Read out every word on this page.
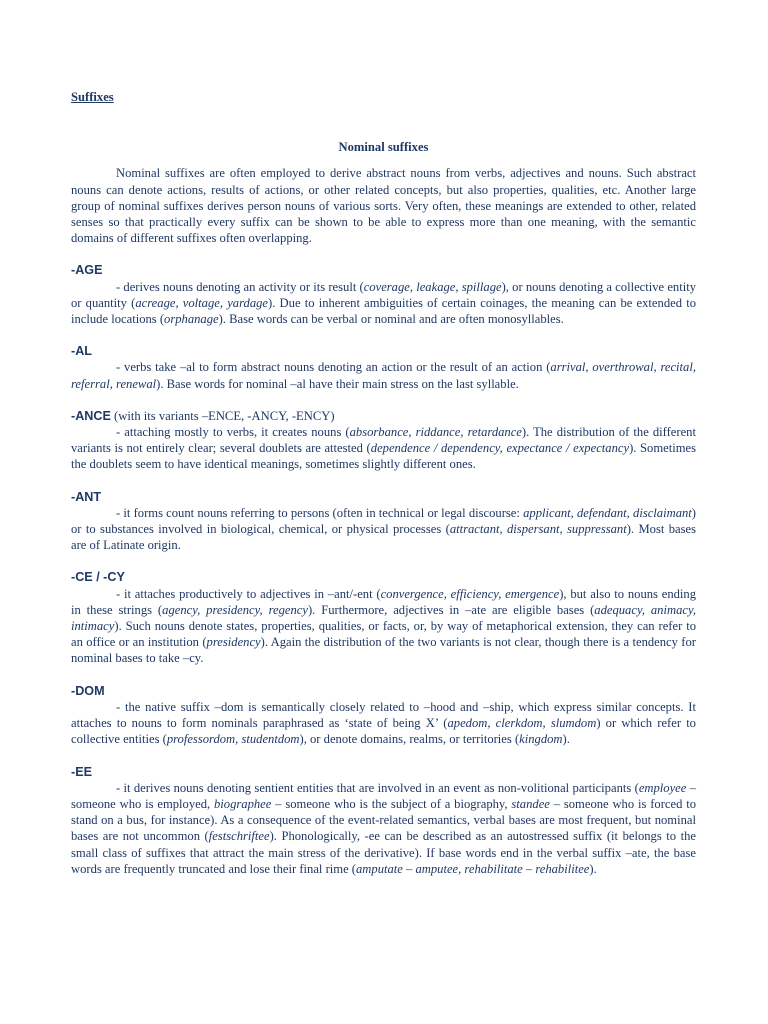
Suffixes
Nominal suffixes

Nominal suffixes are often employed to derive abstract nouns from verbs, adjectives and nouns. Such abstract nouns can denote actions, results of actions, or other related concepts, but also properties, qualities, etc. Another large group of nominal suffixes derives person nouns of various sorts. Very often, these meanings are extended to other, related senses so that practically every suffix can be shown to be able to express more than one meaning, with the semantic domains of different suffixes often overlapping.

-AGE

- derives nouns denoting an activity or its result (coverage, leakage, spillage), or nouns denoting a collective entity or quantity (acreage, voltage, yardage). Due to inherent ambiguities of certain coinages, the meaning can be extended to include locations (orphanage). Base words can be verbal or nominal and are often monosyllables.

-AL

- verbs take –al to form abstract nouns denoting an action or the result of an action (arrival, overthrowal, recital, referral, renewal). Base words for nominal –al have their main stress on the last syllable.

-ANCE (with its variants –ENCE, -ANCY, -ENCY)

- attaching mostly to verbs, it creates nouns (absorbance, riddance, retardance). The distribution of the different variants is not entirely clear; several doublets are attested (dependence / dependency, expectance / expectancy). Sometimes the doublets seem to have identical meanings, sometimes slightly different ones.

-ANT

- it forms count nouns referring to persons (often in technical or legal discourse: applicant, defendant, disclaimant) or to substances involved in biological, chemical, or physical processes (attractant, dispersant, suppressant). Most bases are of Latinate origin.

-CE / -CY

- it attaches productively to adjectives in –ant/-ent (convergence, efficiency, emergence), but also to nouns ending in these strings (agency, presidency, regency). Furthermore, adjectives in –ate are eligible bases (adequacy, animacy, intimacy). Such nouns denote states, properties, qualities, or facts, or, by way of metaphorical extension, they can refer to an office or an institution (presidency). Again the distribution of the two variants is not clear, though there is a tendency for nominal bases to take –cy.

-DOM

- the native suffix –dom is semantically closely related to –hood and –ship, which express similar concepts. It attaches to nouns to form nominals paraphrased as ‘state of being X’ (apedom, clerkdom, slumdom) or which refer to collective entities (professordom, studentdom), or denote domains, realms, or territories (kingdom).

-EE

- it derives nouns denoting sentient entities that are involved in an event as non-volitional participants (employee – someone who is employed, biographee – someone who is the subject of a biography, standee – someone who is forced to stand on a bus, for instance). As a consequence of the event-related semantics, verbal bases are most frequent, but nominal bases are not uncommon (festschriftee). Phonologically, -ee can be described as an autostressed suffix (it belongs to the small class of suffixes that attract the main stress of the derivative). If base words end in the verbal suffix –ate, the base words are frequently truncated and lose their final rime (amputate – amputee, rehabilitate – rehabilitee).
